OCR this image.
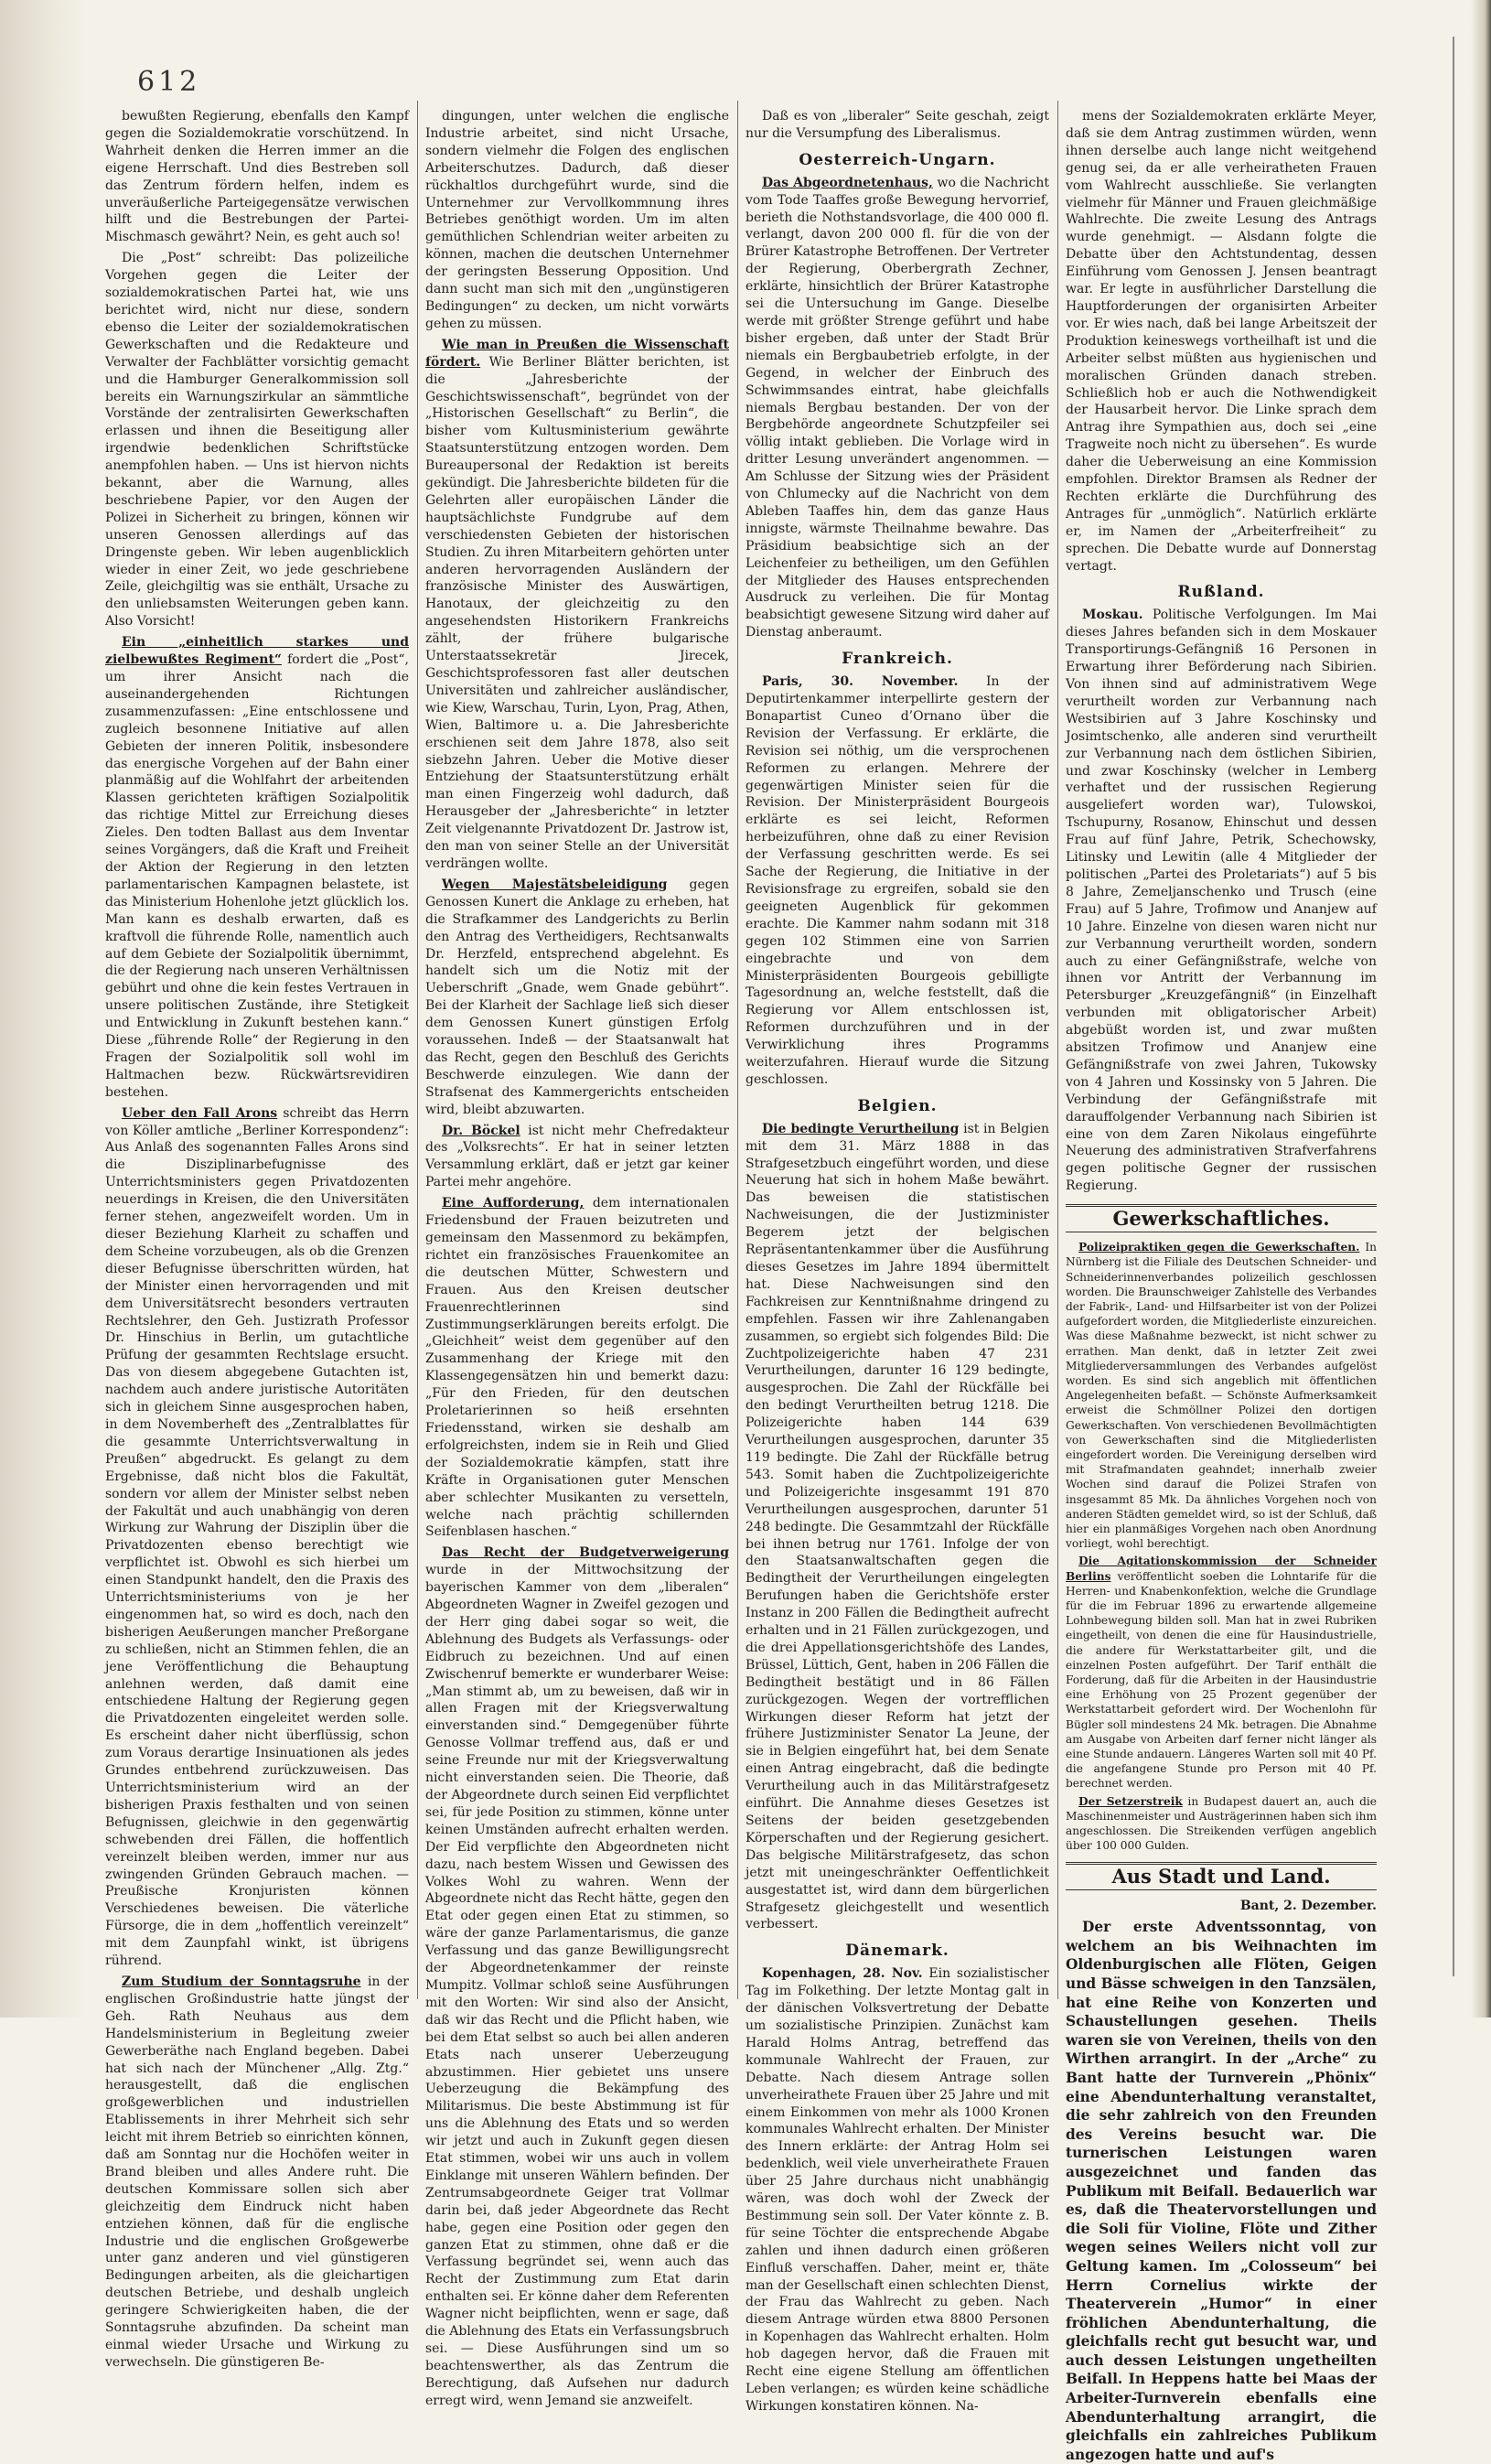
612

bewußten Regierung, ebenfalls den Kampf gegen die Sozialdemokratie vorschützend. In Wahrheit denken die Herren immer an die eigene Herrschaft. Und dies Bestreben soll das Zentrum fördern helfen, indem es unveräußerliche Parteigegensätze verwischen hilft und die Bestrebungen der Partei-Mischmasch gewährt? Nein, es geht auch so!

Die „Post“ schreibt: Das polizeiliche Vorgehen gegen die Leiter der sozialdemokratischen Partei hat, wie uns berichtet wird, nicht nur diese, sondern ebenso die Leiter der sozialdemokratischen Gewerkschaften und die Redakteure und Verwalter der Fachblätter vorsichtig gemacht und die Hamburger Generalkommission soll bereits ein Warnungszirkular an sämmtliche Vorstände der zentralisirten Gewerkschaften erlassen und ihnen die Beseitigung aller irgendwie bedenklichen Schriftstücke anempfohlen haben. — Uns ist hiervon nichts bekannt, aber die Warnung, alles beschriebene Papier, vor den Augen der Polizei in Sicherheit zu bringen, können wir unseren Genossen allerdings auf das Dringenste geben. Wir leben augenblicklich wieder in einer Zeit, wo jede geschriebene Zeile, gleichgiltig was sie enthält, Ursache zu den unliebsamsten Weiterungen geben kann. Also Vorsicht!

Ein „einheitlich starkes und zielbewußtes Regiment“ fordert die „Post“, um ihrer Ansicht nach die auseinandergehenden Richtungen zusammenzufassen: „Eine entschlossene und zugleich besonnene Initiative auf allen Gebieten der inneren Politik, insbesondere das energische Vorgehen auf der Bahn einer planmäßig auf die Wohlfahrt der arbeitenden Klassen gerichteten kräftigen Sozialpolitik das richtige Mittel zur Erreichung dieses Zieles. Den todten Ballast aus dem Inventar seines Vorgängers, daß die Kraft und Freiheit der Aktion der Regierung in den letzten parlamentarischen Kampagnen belastete, ist das Ministerium Hohenlohe jetzt glücklich los. Man kann es deshalb erwarten, daß es kraftvoll die führende Rolle, namentlich auch auf dem Gebiete der Sozialpolitik übernimmt, die der Regierung nach unseren Verhältnissen gebührt und ohne die kein festes Vertrauen in unsere politischen Zustände, ihre Stetigkeit und Entwicklung in Zukunft bestehen kann.“ Diese „führende Rolle“ der Regierung in den Fragen der Sozialpolitik soll wohl im Haltmachen bezw. Rückwärtsrevidiren bestehen.

Ueber den Fall Arons schreibt das Herrn von Köller amtliche „Berliner Korrespondenz“: Aus Anlaß des sogenannten Falles Arons sind die Disziplinarbefugnisse des Unterrichtsministers gegen Privatdozenten neuerdings in Kreisen, die den Universitäten ferner stehen, angezweifelt worden. Um in dieser Beziehung Klarheit zu schaffen und dem Scheine vorzubeugen, als ob die Grenzen dieser Befugnisse überschritten würden, hat der Minister einen hervorragenden und mit dem Universitätsrecht besonders vertrauten Rechtslehrer, den Geh. Justizrath Professor Dr. Hinschius in Berlin, um gutachtliche Prüfung der gesammten Rechtslage ersucht. Das von diesem abgegebene Gutachten ist, nachdem auch andere juristische Autoritäten sich in gleichem Sinne ausgesprochen haben, in dem Novemberheft des „Zentralblattes für die gesammte Unterrichtsverwaltung in Preußen“ abgedruckt. Es gelangt zu dem Ergebnisse, daß nicht blos die Fakultät, sondern vor allem der Minister selbst neben der Fakultät und auch unabhängig von deren Wirkung zur Wahrung der Disziplin über die Privatdozenten ebenso berechtigt wie verpflichtet ist. Obwohl es sich hierbei um einen Standpunkt handelt, den die Praxis des Unterrichtsministeriums von je her eingenommen hat, so wird es doch, nach den bisherigen Aeußerungen mancher Preßorgane zu schließen, nicht an Stimmen fehlen, die an jene Veröffentlichung die Behauptung anlehnen werden, daß damit eine entschiedene Haltung der Regierung gegen die Privatdozenten eingeleitet werden solle. Es erscheint daher nicht überflüssig, schon zum Voraus derartige Insinuationen als jedes Grundes entbehrend zurückzuweisen. Das Unterrichtsministerium wird an der bisherigen Praxis festhalten und von seinen Befugnissen, gleichwie in den gegenwärtig schwebenden drei Fällen, die hoffentlich vereinzelt bleiben werden, immer nur aus zwingenden Gründen Gebrauch machen. — Preußische Kronjuristen können Verschiedenes beweisen. Die väterliche Fürsorge, die in dem „hoffentlich vereinzelt“ mit dem Zaunpfahl winkt, ist übrigens rührend.

Zum Studium der Sonntagsruhe in der englischen Großindustrie hatte jüngst der Geh. Rath Neuhaus aus dem Handelsministerium in Begleitung zweier Gewerberäthe nach England begeben. Dabei hat sich nach der Münchener „Allg. Ztg.“ herausgestellt, daß die englischen großgewerblichen und industriellen Etablissements in ihrer Mehrheit sich sehr leicht mit ihrem Betrieb so einrichten können, daß am Sonntag nur die Hochöfen weiter in Brand bleiben und alles Andere ruht. Die deutschen Kommissare sollen sich aber gleichzeitig dem Eindruck nicht haben entziehen können, daß für die englische Industrie und die englischen Großgewerbe unter ganz anderen und viel günstigeren Bedingungen arbeiten, als die gleichartigen deutschen Betriebe, und deshalb ungleich geringere Schwierigkeiten haben, die der Sonntagsruhe abzufinden. Da scheint man einmal wieder Ursache und Wirkung zu verwechseln. Die günstigeren Be-

dingungen, unter welchen die englische Industrie arbeitet, sind nicht Ursache, sondern vielmehr die Folgen des englischen Arbeiterschutzes. Dadurch, daß dieser rückhaltlos durchgeführt wurde, sind die Unternehmer zur Vervollkommnung ihres Betriebes genöthigt worden. Um im alten gemüthlichen Schlendrian weiter arbeiten zu können, machen die deutschen Unternehmer der geringsten Besserung Opposition. Und dann sucht man sich mit den „ungünstigeren Bedingungen“ zu decken, um nicht vorwärts gehen zu müssen.

Wie man in Preußen die Wissenschaft fördert. Wie Berliner Blätter berichten, ist die „Jahresberichte der Geschichtswissenschaft“, begründet von der „Historischen Gesellschaft“ zu Berlin“, die bisher vom Kultusministerium gewährte Staatsunterstützung entzogen worden. Dem Bureaupersonal der Redaktion ist bereits gekündigt. Die Jahresberichte bildeten für die Gelehrten aller europäischen Länder die hauptsächlichste Fundgrube auf dem verschiedensten Gebieten der historischen Studien. Zu ihren Mitarbeitern gehörten unter anderen hervorragenden Ausländern der französische Minister des Auswärtigen, Hanotaux, der gleichzeitig zu den angesehendsten Historikern Frankreichs zählt, der frühere bulgarische Unterstaatssekretär Jirecek, Geschichtsprofessoren fast aller deutschen Universitäten und zahlreicher ausländischer, wie Kiew, Warschau, Turin, Lyon, Prag, Athen, Wien, Baltimore u. a. Die Jahresberichte erschienen seit dem Jahre 1878, also seit siebzehn Jahren. Ueber die Motive dieser Entziehung der Staatsunterstützung erhält man einen Fingerzeig wohl dadurch, daß Herausgeber der „Jahresberichte“ in letzter Zeit vielgenannte Privatdozent Dr. Jastrow ist, den man von seiner Stelle an der Universität verdrängen wollte.

Wegen Majestätsbeleidigung gegen Genossen Kunert die Anklage zu erheben, hat die Strafkammer des Landgerichts zu Berlin den Antrag des Vertheidigers, Rechtsanwalts Dr. Herzfeld, entsprechend abgelehnt. Es handelt sich um die Notiz mit der Ueberschrift „Gnade, wem Gnade gebührt“. Bei der Klarheit der Sachlage ließ sich dieser dem Genossen Kunert günstigen Erfolg voraussehen. Indeß — der Staatsanwalt hat das Recht, gegen den Beschluß des Gerichts Beschwerde einzulegen. Wie dann der Strafsenat des Kammergerichts entscheiden wird, bleibt abzuwarten.

Dr. Böckel ist nicht mehr Chefredakteur des „Volksrechts“. Er hat in seiner letzten Versammlung erklärt, daß er jetzt gar keiner Partei mehr angehöre.

Eine Aufforderung, dem internationalen Friedensbund der Frauen beizutreten und gemeinsam den Massenmord zu bekämpfen, richtet ein französisches Frauenkomitee an die deutschen Mütter, Schwestern und Frauen. Aus den Kreisen deutscher Frauenrechtlerinnen sind Zustimmungserklärungen bereits erfolgt. Die „Gleichheit“ weist dem gegenüber auf den Zusammenhang der Kriege mit den Klassengegensätzen hin und bemerkt dazu: „Für den Frieden, für den deutschen Proletarierinnen so heiß ersehnten Friedensstand, wirken sie deshalb am erfolgreichsten, indem sie in Reih und Glied der Sozialdemokratie kämpfen, statt ihre Kräfte in Organisationen guter Menschen aber schlechter Musikanten zu versetteln, welche nach prächtig schillernden Seifenblasen haschen.“

Das Recht der Budgetverweigerung wurde in der Mittwochsitzung der bayerischen Kammer von dem „liberalen“ Abgeordneten Wagner in Zweifel gezogen und der Herr ging dabei sogar so weit, die Ablehnung des Budgets als Verfassungs- oder Eidbruch zu bezeichnen. Und auf einen Zwischenruf bemerkte er wunderbarer Weise: „Man stimmt ab, um zu beweisen, daß wir in allen Fragen mit der Kriegsverwaltung einverstanden sind.“ Demgegenüber führte Genosse Vollmar treffend aus, daß er und seine Freunde nur mit der Kriegsverwaltung nicht einverstanden seien. Die Theorie, daß der Abgeordnete durch seinen Eid verpflichtet sei, für jede Position zu stimmen, könne unter keinen Umständen aufrecht erhalten werden. Der Eid verpflichte den Abgeordneten nicht dazu, nach bestem Wissen und Gewissen des Volkes Wohl zu wahren. Wenn der Abgeordnete nicht das Recht hätte, gegen den Etat oder gegen einen Etat zu stimmen, so wäre der ganze Parlamentarismus, die ganze Verfassung und das ganze Bewilligungsrecht der Abgeordnetenkammer der reinste Mumpitz. Vollmar schloß seine Ausführungen mit den Worten: Wir sind also der Ansicht, daß wir das Recht und die Pflicht haben, wie bei dem Etat selbst so auch bei allen anderen Etats nach unserer Ueberzeugung abzustimmen. Hier gebietet uns unsere Ueberzeugung die Bekämpfung des Militarismus. Die beste Abstimmung ist für uns die Ablehnung des Etats und so werden wir jetzt und auch in Zukunft gegen diesen Etat stimmen, wobei wir uns auch in vollem Einklange mit unseren Wählern befinden. Der Zentrumsabgeordnete Geiger trat Vollmar darin bei, daß jeder Abgeordnete das Recht habe, gegen eine Position oder gegen den ganzen Etat zu stimmen, ohne daß er die Verfassung begründet sei, wenn auch das Recht der Zustimmung zum Etat darin enthalten sei. Er könne daher dem Referenten Wagner nicht beipflichten, wenn er sage, daß die Ablehnung des Etats ein Verfassungsbruch sei. — Diese Ausführungen sind um so beachtenswerther, als das Zentrum die Berechtigung, daß Aufsehen nur dadurch erregt wird, wenn Jemand sie anzweifelt.

Daß es von „liberaler“ Seite geschah, zeigt nur die Versumpfung des Liberalismus.

Oesterreich-Ungarn.

Das Abgeordnetenhaus, wo die Nachricht vom Tode Taaffes große Bewegung hervorrief, berieth die Nothstandsvorlage, die 400 000 fl. verlangt, davon 200 000 fl. für die von der Brürer Katastrophe Betroffenen. Der Vertreter der Regierung, Oberbergrath Zechner, erklärte, hinsichtlich der Brürer Katastrophe sei die Untersuchung im Gange. Dieselbe werde mit größter Strenge geführt und habe bisher ergeben, daß unter der Stadt Brür niemals ein Bergbaubetrieb erfolgte, in der Gegend, in welcher der Einbruch des Schwimmsandes eintrat, habe gleichfalls niemals Bergbau bestanden. Der von der Bergbehörde angeordnete Schutzpfeiler sei völlig intakt geblieben. Die Vorlage wird in dritter Lesung unverändert angenommen. — Am Schlusse der Sitzung wies der Präsident von Chlumecky auf die Nachricht von dem Ableben Taaffes hin, dem das ganze Haus innigste, wärmste Theilnahme bewahre. Das Präsidium beabsichtige sich an der Leichenfeier zu betheiligen, um den Gefühlen der Mitglieder des Hauses entsprechenden Ausdruck zu verleihen. Die für Montag beabsichtigt gewesene Sitzung wird daher auf Dienstag anberaumt.

Frankreich.

Paris, 30. November. In der Deputirtenkammer interpellirte gestern der Bonapartist Cuneo d’Ornano über die Revision der Verfassung. Er erklärte, die Revision sei nöthig, um die versprochenen Reformen zu erlangen. Mehrere der gegenwärtigen Minister seien für die Revision. Der Ministerpräsident Bourgeois erklärte es sei leicht, Reformen herbeizuführen, ohne daß zu einer Revision der Verfassung geschritten werde. Es sei Sache der Regierung, die Initiative in der Revisionsfrage zu ergreifen, sobald sie den geeigneten Augenblick für gekommen erachte. Die Kammer nahm sodann mit 318 gegen 102 Stimmen eine von Sarrien eingebrachte und von dem Ministerpräsidenten Bourgeois gebilligte Tagesordnung an, welche feststellt, daß die Regierung vor Allem entschlossen ist, Reformen durchzuführen und in der Verwirklichung ihres Programms weiterzufahren. Hierauf wurde die Sitzung geschlossen.

Belgien.

Die bedingte Verurtheilung ist in Belgien mit dem 31. März 1888 in das Strafgesetzbuch eingeführt worden, und diese Neuerung hat sich in hohem Maße bewährt. Das beweisen die statistischen Nachweisungen, die der Justizminister Begerem jetzt der belgischen Repräsentantenkammer über die Ausführung dieses Gesetzes im Jahre 1894 übermittelt hat. Diese Nachweisungen sind den Fachkreisen zur Kenntnißnahme dringend zu empfehlen. Fassen wir ihre Zahlenangaben zusammen, so ergiebt sich folgendes Bild: Die Zuchtpolizeigerichte haben 47 231 Verurtheilungen, darunter 16 129 bedingte, ausgesprochen. Die Zahl der Rückfälle bei den bedingt Verurtheilten betrug 1218. Die Polizeigerichte haben 144 639 Verurtheilungen ausgesprochen, darunter 35 119 bedingte. Die Zahl der Rückfälle betrug 543. Somit haben die Zuchtpolizeigerichte und Polizeigerichte insgesammt 191 870 Verurtheilungen ausgesprochen, darunter 51 248 bedingte. Die Gesammtzahl der Rückfälle bei ihnen betrug nur 1761. Infolge der von den Staatsanwaltschaften gegen die Bedingtheit der Verurtheilungen eingelegten Berufungen haben die Gerichtshöfe erster Instanz in 200 Fällen die Bedingtheit aufrecht erhalten und in 21 Fällen zurückgezogen, und die drei Appellationsgerichtshöfe des Landes, Brüssel, Lüttich, Gent, haben in 206 Fällen die Bedingtheit bestätigt und in 86 Fällen zurückgezogen. Wegen der vortrefflichen Wirkungen dieser Reform hat jetzt der frühere Justizminister Senator La Jeune, der sie in Belgien eingeführt hat, bei dem Senate einen Antrag eingebracht, daß die bedingte Verurtheilung auch in das Militärstrafgesetz einführt. Die Annahme dieses Gesetzes ist Seitens der beiden gesetzgebenden Körperschaften und der Regierung gesichert. Das belgische Militärstrafgesetz, das schon jetzt mit uneingeschränkter Oeffentlichkeit ausgestattet ist, wird dann dem bürgerlichen Strafgesetz gleichgestellt und wesentlich verbessert.

Dänemark.

Kopenhagen, 28. Nov. Ein sozialistischer Tag im Folkething. Der letzte Montag galt in der dänischen Volksvertretung der Debatte um sozialistische Prinzipien. Zunächst kam Harald Holms Antrag, betreffend das kommunale Wahlrecht der Frauen, zur Debatte. Nach diesem Antrage sollen unverheirathete Frauen über 25 Jahre und mit einem Einkommen von mehr als 1000 Kronen kommunales Wahlrecht erhalten. Der Minister des Innern erklärte: der Antrag Holm sei bedenklich, weil viele unverheirathete Frauen über 25 Jahre durchaus nicht unabhängig wären, was doch wohl der Zweck der Bestimmung sein soll. Der Vater könnte z. B. für seine Töchter die entsprechende Abgabe zahlen und ihnen dadurch einen größeren Einfluß verschaffen. Daher, meint er, thäte man der Gesellschaft einen schlechten Dienst, der Frau das Wahlrecht zu geben. Nach diesem Antrage würden etwa 8800 Personen in Kopenhagen das Wahlrecht erhalten. Holm hob dagegen hervor, daß die Frauen mit Recht eine eigene Stellung am öffentlichen Leben verlangen; es würden keine schädliche Wirkungen konstatiren können. Na-

mens der Sozialdemokraten erklärte Meyer, daß sie dem Antrag zustimmen würden, wenn ihnen derselbe auch lange nicht weitgehend genug sei, da er alle verheiratheten Frauen vom Wahlrecht ausschließe. Sie verlangten vielmehr für Männer und Frauen gleichmäßige Wahlrechte. Die zweite Lesung des Antrags wurde genehmigt. — Alsdann folgte die Debatte über den Achtstundentag, dessen Einführung vom Genossen J. Jensen beantragt war. Er legte in ausführlicher Darstellung die Hauptforderungen der organisirten Arbeiter vor. Er wies nach, daß bei lange Arbeitszeit der Produktion keineswegs vortheilhaft ist und die Arbeiter selbst müßten aus hygienischen und moralischen Gründen danach streben. Schließlich hob er auch die Nothwendigkeit der Hausarbeit hervor. Die Linke sprach dem Antrag ihre Sympathien aus, doch sei „eine Tragweite noch nicht zu übersehen“. Es wurde daher die Ueberweisung an eine Kommission empfohlen. Direktor Bramsen als Redner der Rechten erklärte die Durchführung des Antrages für „unmöglich“. Natürlich erklärte er, im Namen der „Arbeiterfreiheit“ zu sprechen. Die Debatte wurde auf Donnerstag vertagt.

Rußland.

Moskau. Politische Verfolgungen. Im Mai dieses Jahres befanden sich in dem Moskauer Transportirungs-Gefängniß 16 Personen in Erwartung ihrer Beförderung nach Sibirien. Von ihnen sind auf administrativem Wege verurtheilt worden zur Verbannung nach Westsibirien auf 3 Jahre Koschinsky und Josimtschenko, alle anderen sind verurtheilt zur Verbannung nach dem östlichen Sibirien, und zwar Koschinsky (welcher in Lemberg verhaftet und der russischen Regierung ausgeliefert worden war), Tulowskoi, Tschupurny, Rosanow, Ehinschut und dessen Frau auf fünf Jahre, Petrik, Schechowsky, Litinsky und Lewitin (alle 4 Mitglieder der politischen „Partei des Proletariats“) auf 5 bis 8 Jahre, Zemeljanschenko und Trusch (eine Frau) auf 5 Jahre, Trofimow und Ananjew auf 10 Jahre. Einzelne von diesen waren nicht nur zur Verbannung verurtheilt worden, sondern auch zu einer Gefängnißstrafe, welche von ihnen vor Antritt der Verbannung im Petersburger „Kreuzgefängniß“ (in Einzelhaft verbunden mit obligatorischer Arbeit) abgebüßt worden ist, und zwar mußten absitzen Trofimow und Ananjew eine Gefängnißstrafe von zwei Jahren, Tukowsky von 4 Jahren und Kossinsky von 5 Jahren. Die Verbindung der Gefängnißstrafe mit darauffolgender Verbannung nach Sibirien ist eine von dem Zaren Nikolaus eingeführte Neuerung des administrativen Strafverfahrens gegen politische Gegner der russischen Regierung.

Gewerkschaftliches.

Polizeipraktiken gegen die Gewerkschaften. In Nürnberg ist die Filiale des Deutschen Schneider- und Schneiderinnenverbandes polizeilich geschlossen worden. Die Braunschweiger Zahlstelle des Verbandes der Fabrik-, Land- und Hilfsarbeiter ist von der Polizei aufgefordert worden, die Mitgliederliste einzureichen. Was diese Maßnahme bezweckt, ist nicht schwer zu errathen. Man denkt, daß in letzter Zeit zwei Mitgliederversammlungen des Verbandes aufgelöst worden. Es sind sich angeblich mit öffentlichen Angelegenheiten befaßt. — Schönste Aufmerksamkeit erweist die Schmöllner Polizei den dortigen Gewerkschaften. Von verschiedenen Bevollmächtigten von Gewerkschaften sind die Mitgliederlisten eingefordert worden. Die Vereinigung derselben wird mit Strafmandaten geahndet; innerhalb zweier Wochen sind darauf die Polizei Strafen von insgesammt 85 Mk. Da ähnliches Vorgehen noch von anderen Städten gemeldet wird, so ist der Schluß, daß hier ein planmäßiges Vorgehen nach oben Anordnung vorliegt, wohl berechtigt.

Die Agitationskommission der Schneider Berlins veröffentlicht soeben die Lohntarife für die Herren- und Knabenkonfektion, welche die Grundlage für die im Februar 1896 zu erwartende allgemeine Lohnbewegung bilden soll. Man hat in zwei Rubriken eingetheilt, von denen die eine für Hausindustrielle, die andere für Werkstattarbeiter gilt, und die einzelnen Posten aufgeführt. Der Tarif enthält die Forderung, daß für die Arbeiten in der Hausindustrie eine Erhöhung von 25 Prozent gegenüber der Werkstattarbeit gefordert wird. Der Wochenlohn für Bügler soll mindestens 24 Mk. betragen. Die Abnahme am Ausgabe von Arbeiten darf ferner nicht länger als eine Stunde andauern. Längeres Warten soll mit 40 Pf. die angefangene Stunde pro Person mit 40 Pf. berechnet werden.

Der Setzerstreik in Budapest dauert an, auch die Maschinenmeister und Austrägerinnen haben sich ihm angeschlossen. Die Streikenden verfügen angeblich über 100 000 Gulden.

Aus Stadt und Land.

Bant, 2. Dezember.

Der erste Adventssonntag, von welchem an bis Weihnachten im Oldenburgischen alle Flöten, Geigen und Bässe schweigen in den Tanzsälen, hat eine Reihe von Konzerten und Schaustellungen gesehen. Theils waren sie von Vereinen, theils von den Wirthen arrangirt. In der „Arche“ zu Bant hatte der Turnverein „Phönix“ eine Abendunterhaltung veranstaltet, die sehr zahlreich von den Freunden des Vereins besucht war. Die turnerischen Leistungen waren ausgezeichnet und fanden das Publikum mit Beifall. Bedauerlich war es, daß die Theatervorstellungen und die Soli für Violine, Flöte und Zither wegen seines Weilers nicht voll zur Geltung kamen. Im „Colosseum“ bei Herrn Cornelius wirkte der Theaterverein „Humor“ in einer fröhlichen Abendunterhaltung, die gleichfalls recht gut besucht war, und auch dessen Leistungen ungetheilten Beifall. In Heppens hatte bei Maas der Arbeiter-Turnverein ebenfalls eine Abendunterhaltung arrangirt, die gleichfalls ein zahlreiches Publikum angezogen hatte und auf's
